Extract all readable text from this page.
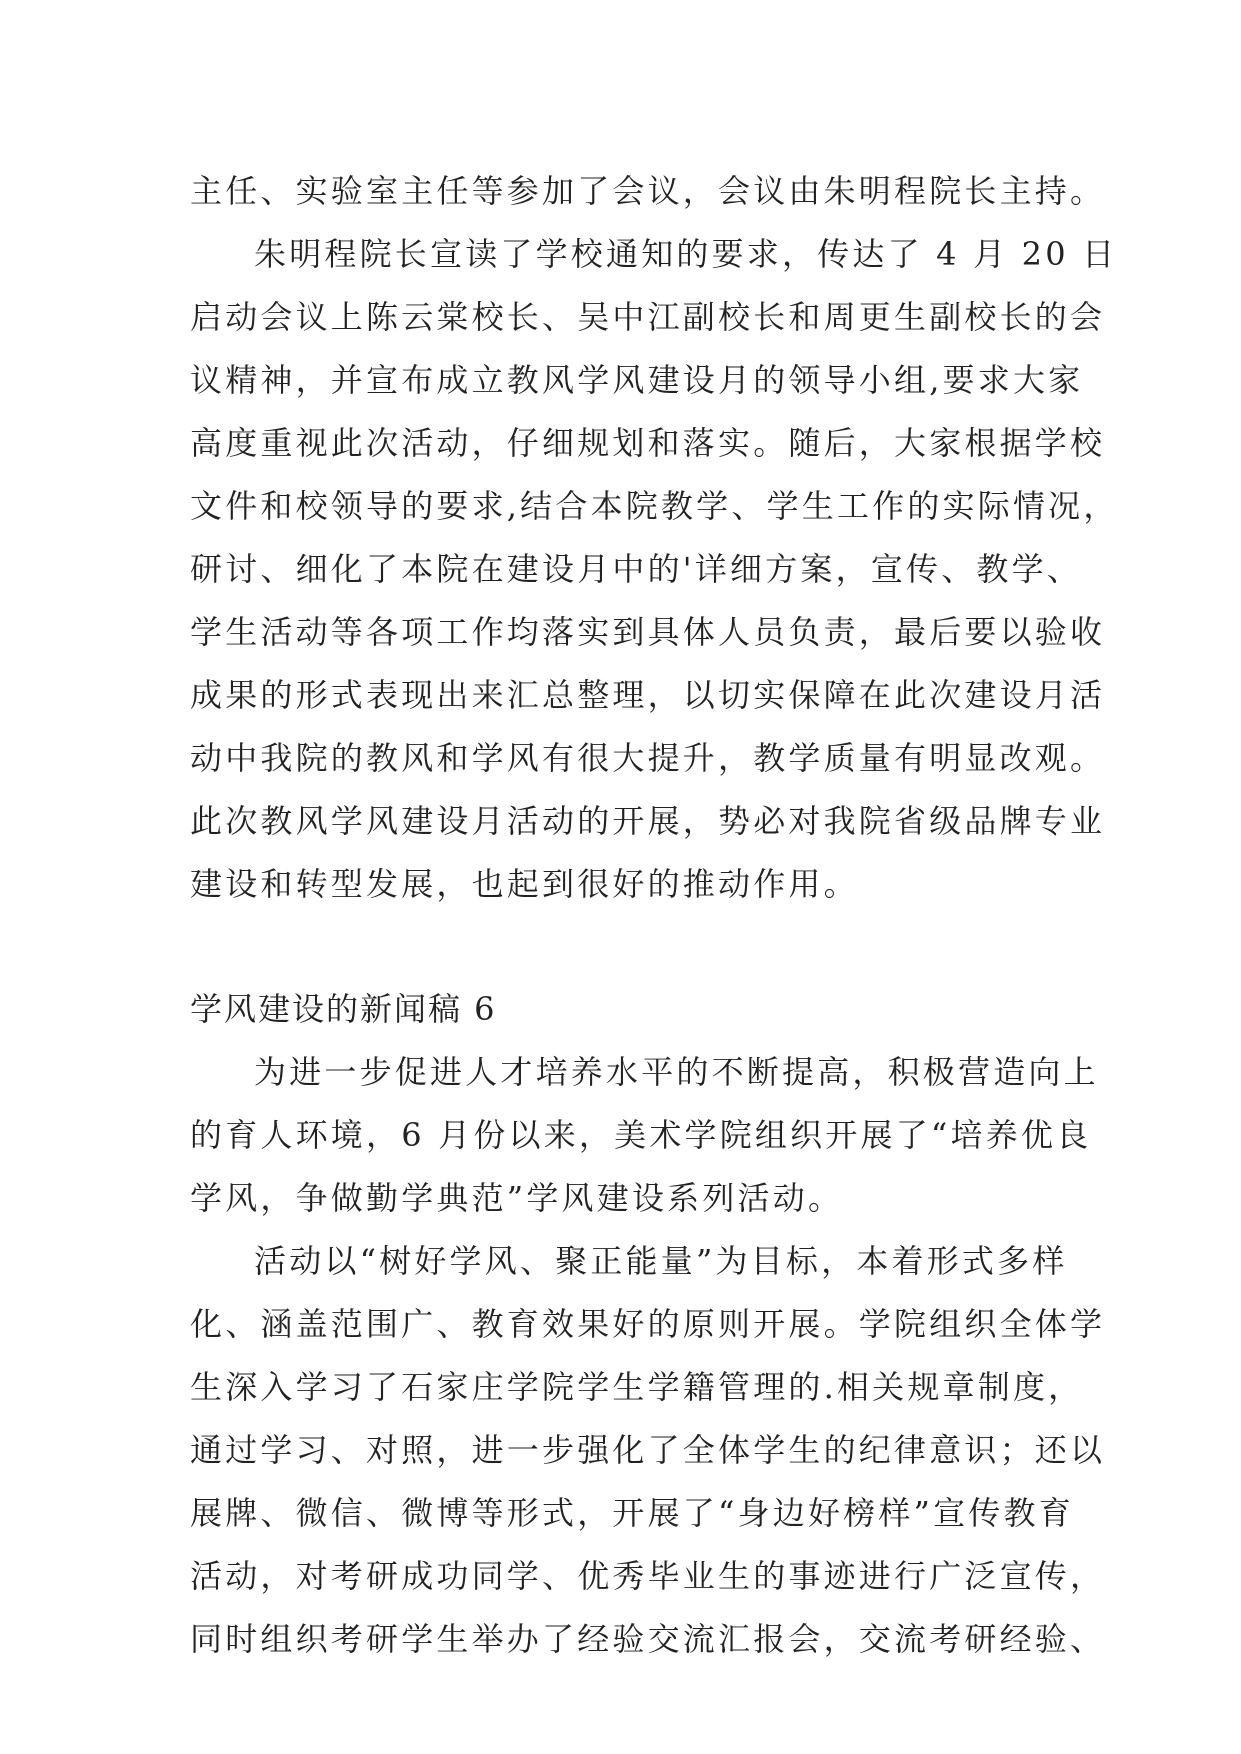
主任、实验室主任等参加了会议，会议由朱明程院长主持。
朱明程院长宣读了学校通知的要求，传达了 4 月 20 日
启动会议上陈云棠校长、吴中江副校长和周更生副校长的会
议精神，并宣布成立教风学风建设月的领导小组,要求大家
高度重视此次活动，仔细规划和落实。随后，大家根据学校
文件和校领导的要求,结合本院教学、学生工作的实际情况，
研讨、细化了本院在建设月中的'详细方案，宣传、教学、
学生活动等各项工作均落实到具体人员负责，最后要以验收
成果的形式表现出来汇总整理，以切实保障在此次建设月活
动中我院的教风和学风有很大提升，教学质量有明显改观。
此次教风学风建设月活动的开展，势必对我院省级品牌专业
建设和转型发展，也起到很好的推动作用。
学风建设的新闻稿 6
为进一步促进人才培养水平的不断提高，积极营造向上
的育人环境，6 月份以来，美术学院组织开展了“培养优良
学风，争做勤学典范”学风建设系列活动。
活动以“树好学风、聚正能量”为目标，本着形式多样
化、涵盖范围广、教育效果好的原则开展。学院组织全体学
生深入学习了石家庄学院学生学籍管理的.相关规章制度，
通过学习、对照，进一步强化了全体学生的纪律意识；还以
展牌、微信、微博等形式，开展了“身边好榜样”宣传教育
活动，对考研成功同学、优秀毕业生的事迹进行广泛宣传，
同时组织考研学生举办了经验交流汇报会，交流考研经验、
